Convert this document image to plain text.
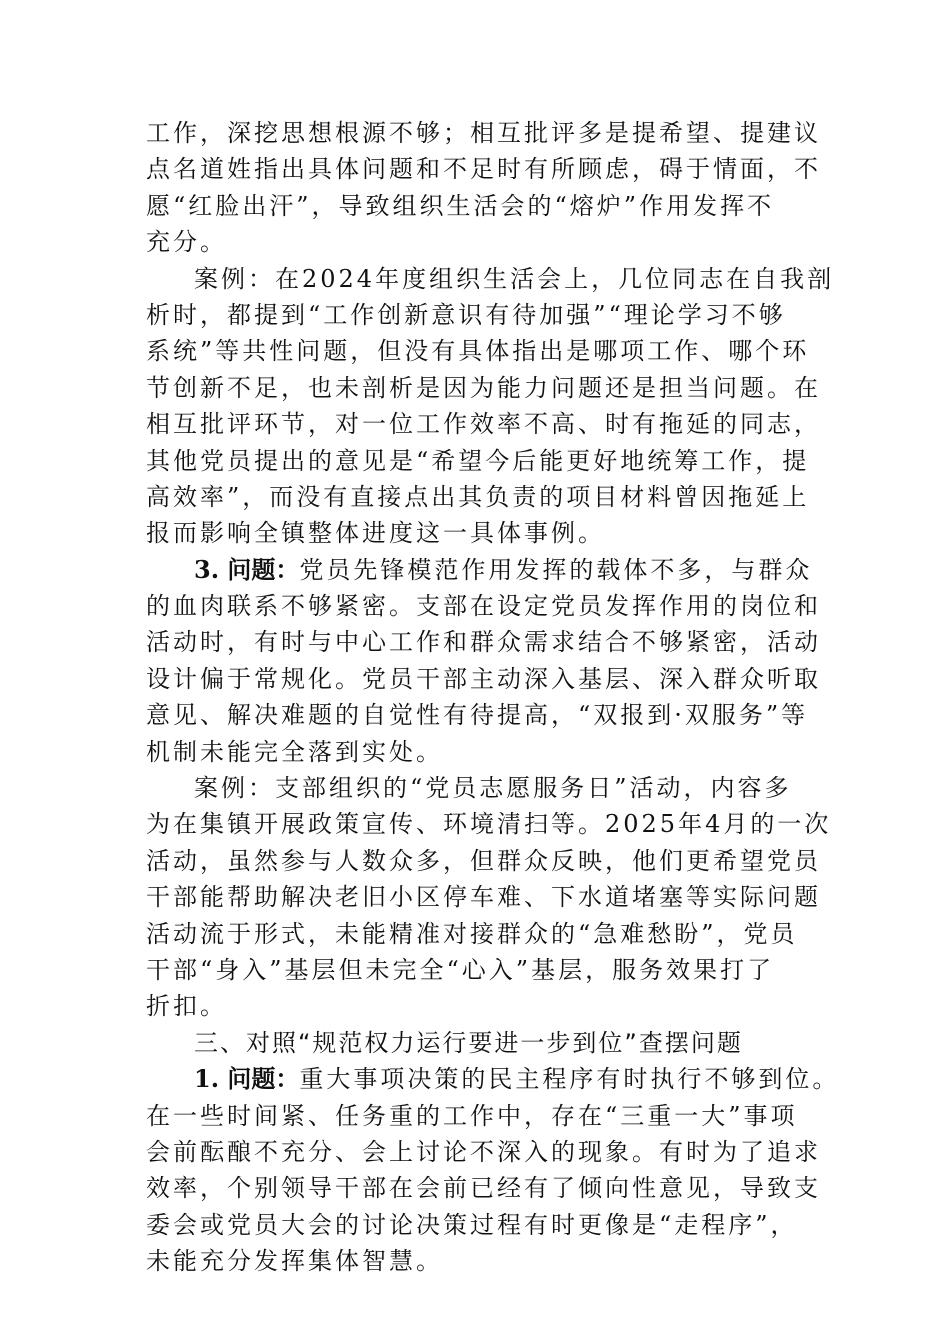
工作，深挖思想根源不够；相互批评多是提希望、提建议
点名道姓指出具体问题和不足时有所顾虑，碍于情面，不
愿“红脸出汗”，导致组织生活会的“熔炉”作用发挥不
充分。
案例：在2024年度组织生活会上，几位同志在自我剖
析时，都提到“工作创新意识有待加强”“理论学习不够
系统”等共性问题，但没有具体指出是哪项工作、哪个环
节创新不足，也未剖析是因为能力问题还是担当问题。在
相互批评环节，对一位工作效率不高、时有拖延的同志，
其他党员提出的意见是“希望今后能更好地统筹工作，提
高效率”，而没有直接点出其负责的项目材料曾因拖延上
报而影响全镇整体进度这一具体事例。
3. 问题：党员先锋模范作用发挥的载体不多，与群众
的血肉联系不够紧密。支部在设定党员发挥作用的岗位和
活动时，有时与中心工作和群众需求结合不够紧密，活动
设计偏于常规化。党员干部主动深入基层、深入群众听取
意见、解决难题的自觉性有待提高，“双报到·双服务”等
机制未能完全落到实处。
案例：支部组织的“党员志愿服务日”活动，内容多
为在集镇开展政策宣传、环境清扫等。2025年4月的一次
活动，虽然参与人数众多，但群众反映，他们更希望党员
干部能帮助解决老旧小区停车难、下水道堵塞等实际问题
活动流于形式，未能精准对接群众的“急难愁盼”，党员
干部“身入”基层但未完全“心入”基层，服务效果打了
折扣。
三、对照“规范权力运行要进一步到位”查摆问题
1. 问题：重大事项决策的民主程序有时执行不够到位。
在一些时间紧、任务重的工作中，存在“三重一大”事项
会前酝酿不充分、会上讨论不深入的现象。有时为了追求
效率，个别领导干部在会前已经有了倾向性意见，导致支
委会或党员大会的讨论决策过程有时更像是“走程序”，
未能充分发挥集体智慧。
